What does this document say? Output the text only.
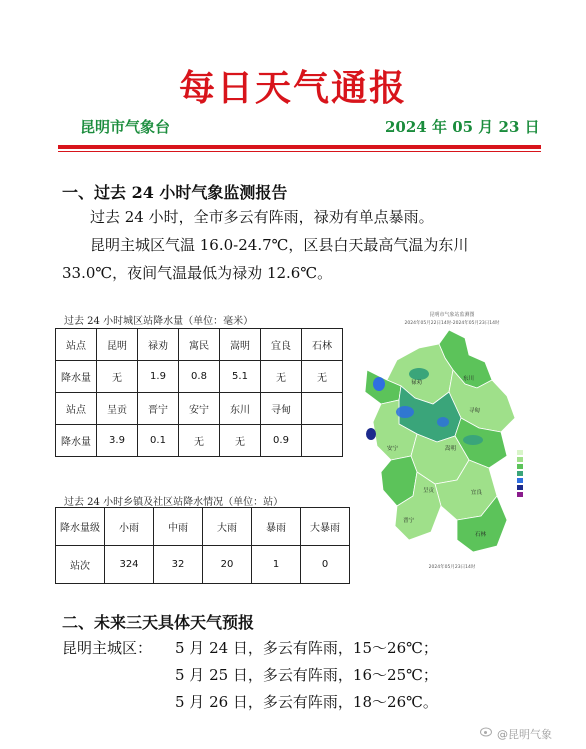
每日天气通报
昆明市气象台	2024 年 05 月 23 日
一、过去 24 小时气象监测报告
过去 24 小时，全市多云有阵雨，禄劝有单点暴雨。
昆明主城区气温 16.0-24.7℃，区县白天最高气温为东川
33.0℃，夜间气温最低为禄劝 12.6℃。
过去 24 小时城区站降水量（单位：毫米）
站点	昆明	禄劝	寓民	嵩明	宜良	石林
降水量	无	1.9	0.8	5.1	无	无
站点	呈贡	晋宁	安宁	东川	寻甸	
降水量	3.9	0.1	无	无	0.9	
过去 24 小时乡镇及社区站降水情况（单位：站）
降水量级	小雨	中雨	大雨	暴雨	大暴雨
站次	324	32	20	1	0
昆明市气象站监测图
2024年05月22日14时-2024年05月23日14时
东川
禄劝
寻甸
嵩明
安宁
宜良
呈贡
晋宁
石林
2024年05月23日14时
二、未来三天具体天气预报
昆明主城区： 5 月 24 日，多云有阵雨，15～26℃；
5 月 25 日，多云有阵雨，16～25℃；
5 月 26 日，多云有阵雨，18～26℃。
@昆明气象
